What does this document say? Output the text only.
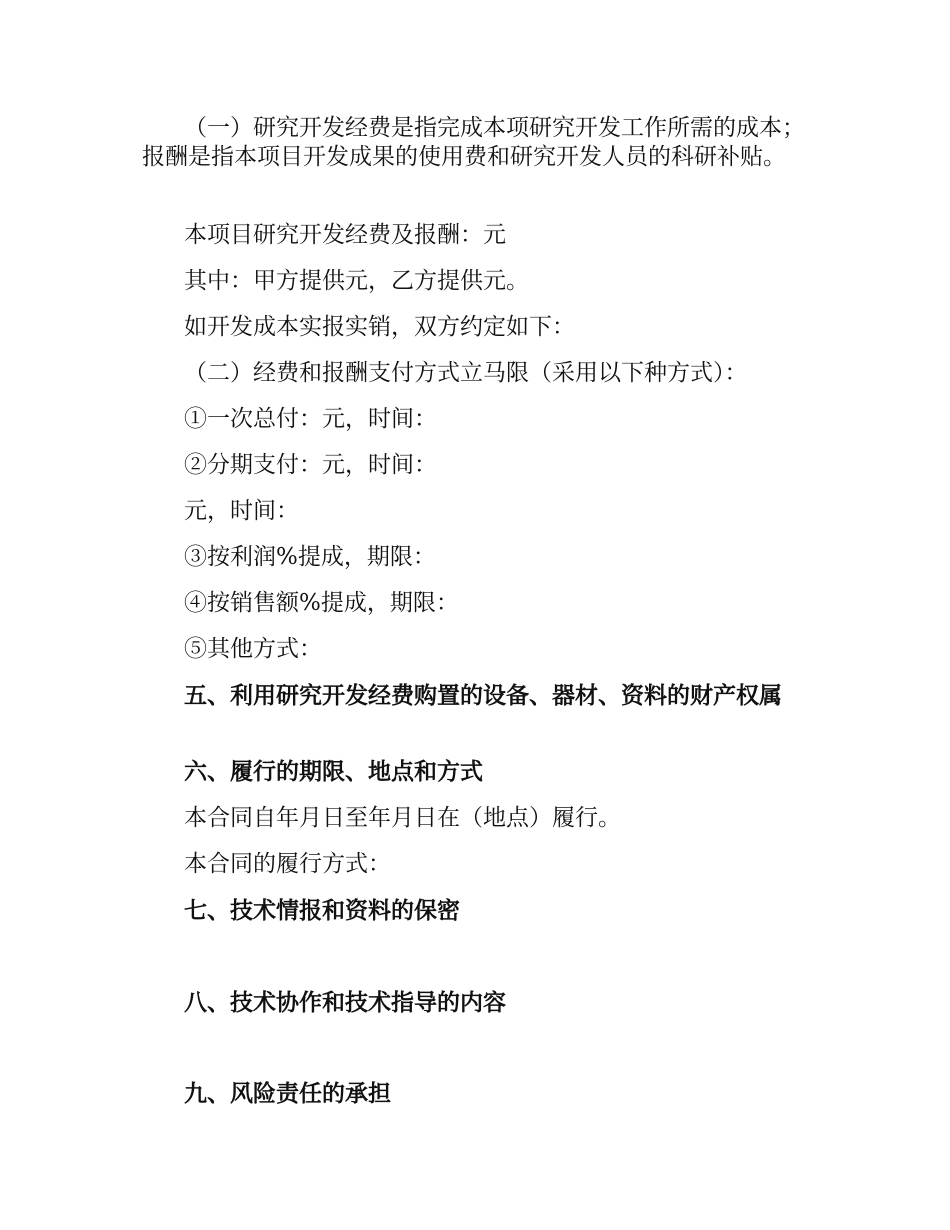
（一）研究开发经费是指完成本项研究开发工作所需的成本；报酬是指本项目开发成果的使用费和研究开发人员的科研补贴。

本项目研究开发经费及报酬：元

其中：甲方提供元，乙方提供元。

如开发成本实报实销，双方约定如下：

（二）经费和报酬支付方式立马限（采用以下种方式）：

①一次总付：元，时间：

②分期支付：元，时间：

元，时间：

③按利润%提成，期限：

④按销售额%提成，期限：

⑤其他方式：

五、利用研究开发经费购置的设备、器材、资料的财产权属

六、履行的期限、地点和方式

本合同自年月日至年月日在（地点）履行。

本合同的履行方式：

七、技术情报和资料的保密

八、技术协作和技术指导的内容

九、风险责任的承担
